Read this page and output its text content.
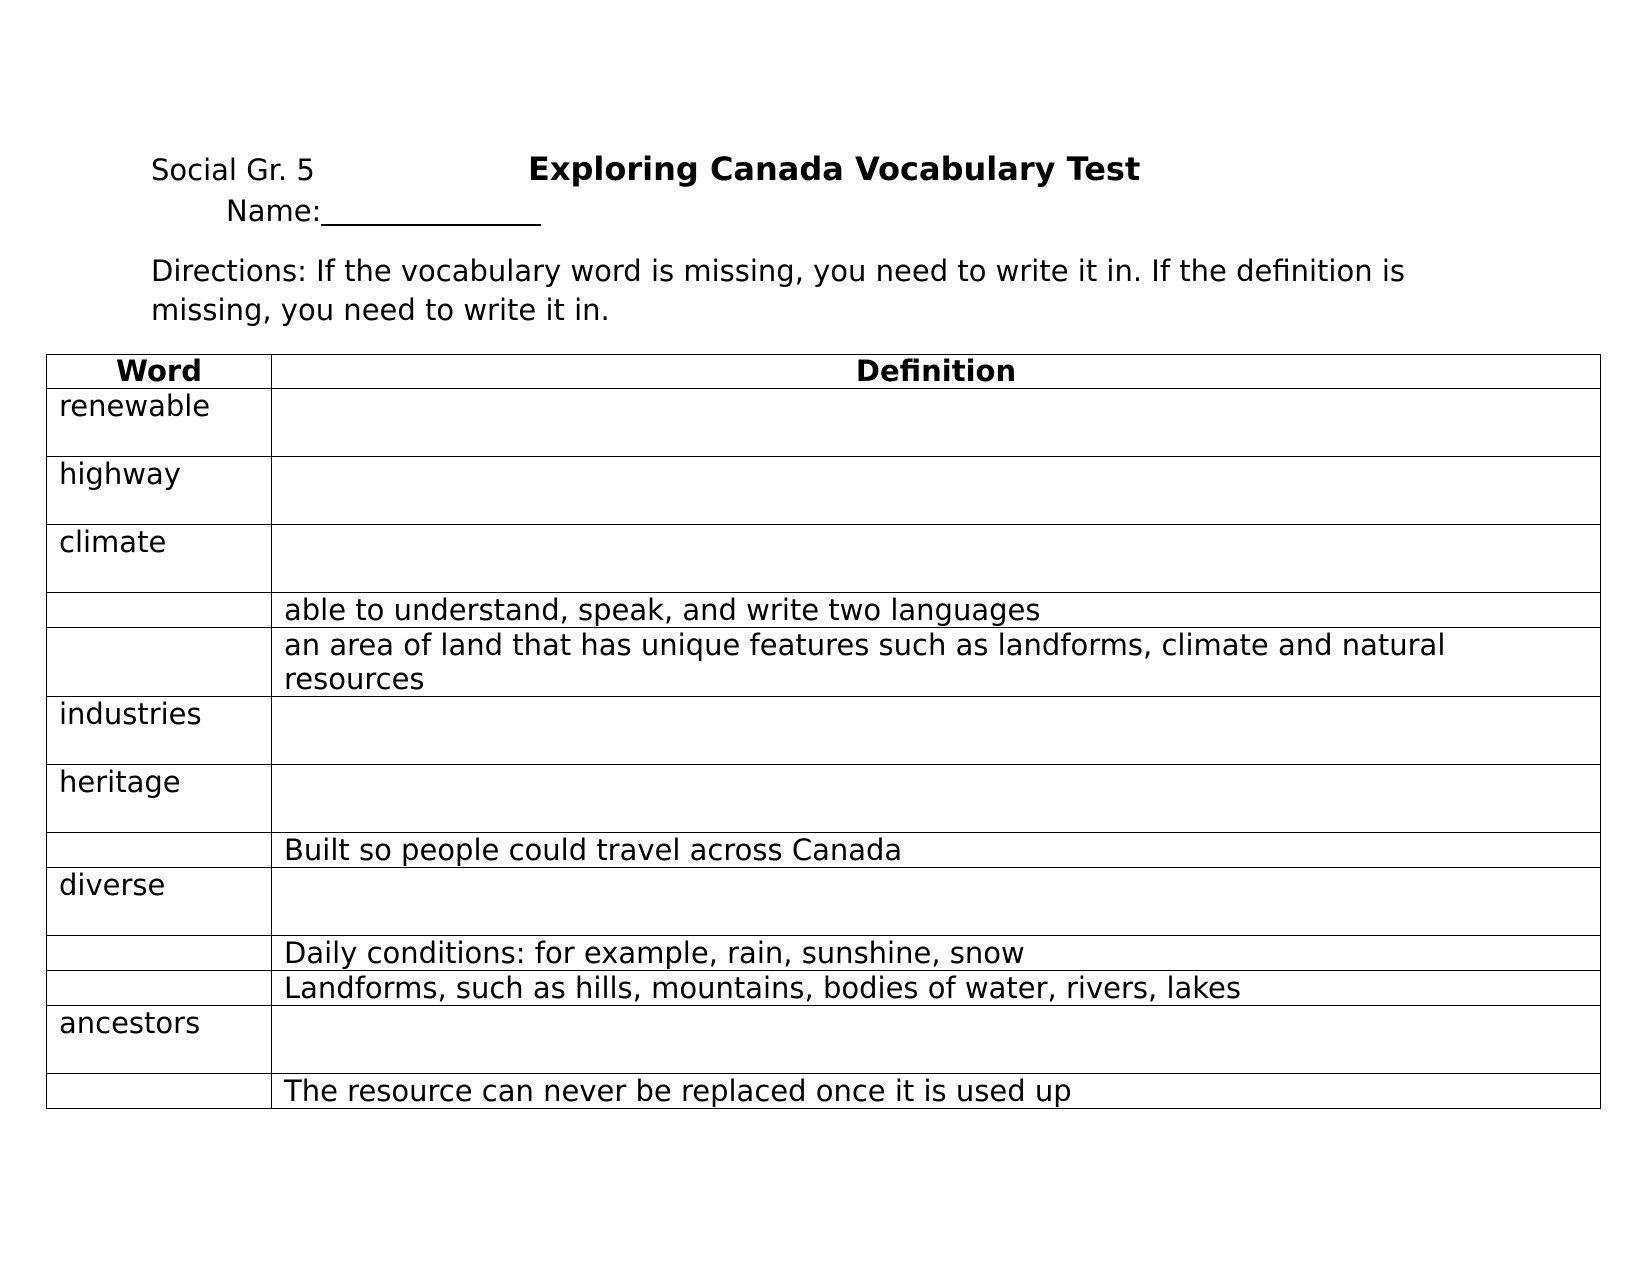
Social Gr. 5	Exploring Canada Vocabulary Test
Name:
Directions: If the vocabulary word is missing, you need to write it in. If the definition is missing, you need to write it in.
Word	Definition
renewable	
highway	
climate	
	able to understand, speak, and write two languages
	an area of land that has unique features such as landforms, climate and natural resources
industries	
heritage	
	Built so people could travel across Canada
diverse	
	Daily conditions: for example, rain, sunshine, snow
	Landforms, such as hills, mountains, bodies of water, rivers, lakes
ancestors	
	The resource can never be replaced once it is used up
